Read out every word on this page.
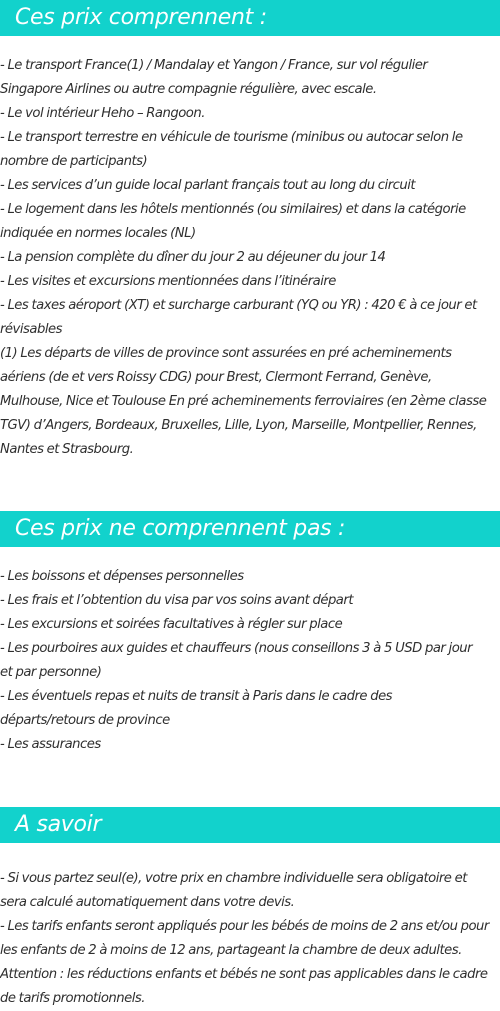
Ces prix comprennent :
- Le transport France(1) / Mandalay et Yangon / France, sur vol régulier
Singapore Airlines ou autre compagnie régulière, avec escale.
- Le vol intérieur Heho – Rangoon.
- Le transport terrestre en véhicule de tourisme (minibus ou autocar selon le
nombre de participants)
- Les services d’un guide local parlant français tout au long du circuit
- Le logement dans les hôtels mentionnés (ou similaires) et dans la catégorie
indiquée en normes locales (NL)
- La pension complète du dîner du jour 2 au déjeuner du jour 14
- Les visites et excursions mentionnées dans l’itinéraire
- Les taxes aéroport (XT) et surcharge carburant (YQ ou YR) : 420 € à ce jour et
révisables
(1) Les départs de villes de province sont assurées en pré acheminements
aériens (de et vers Roissy CDG) pour Brest, Clermont Ferrand, Genève,
Mulhouse, Nice et Toulouse En pré acheminements ferroviaires (en 2ème classe
TGV) d’Angers, Bordeaux, Bruxelles, Lille, Lyon, Marseille, Montpellier, Rennes,
Nantes et Strasbourg.
Ces prix ne comprennent pas :
- Les boissons et dépenses personnelles
- Les frais et l’obtention du visa par vos soins avant départ
- Les excursions et soirées facultatives à régler sur place
- Les pourboires aux guides et chauffeurs (nous conseillons 3 à 5 USD par jour
et par personne)
- Les éventuels repas et nuits de transit à Paris dans le cadre des
départs/retours de province
- Les assurances
A savoir
- Si vous partez seul(e), votre prix en chambre individuelle sera obligatoire et
sera calculé automatiquement dans votre devis.
- Les tarifs enfants seront appliqués pour les bébés de moins de 2 ans et/ou pour
les enfants de 2 à moins de 12 ans, partageant la chambre de deux adultes.
Attention : les réductions enfants et bébés ne sont pas applicables dans le cadre
de tarifs promotionnels.
